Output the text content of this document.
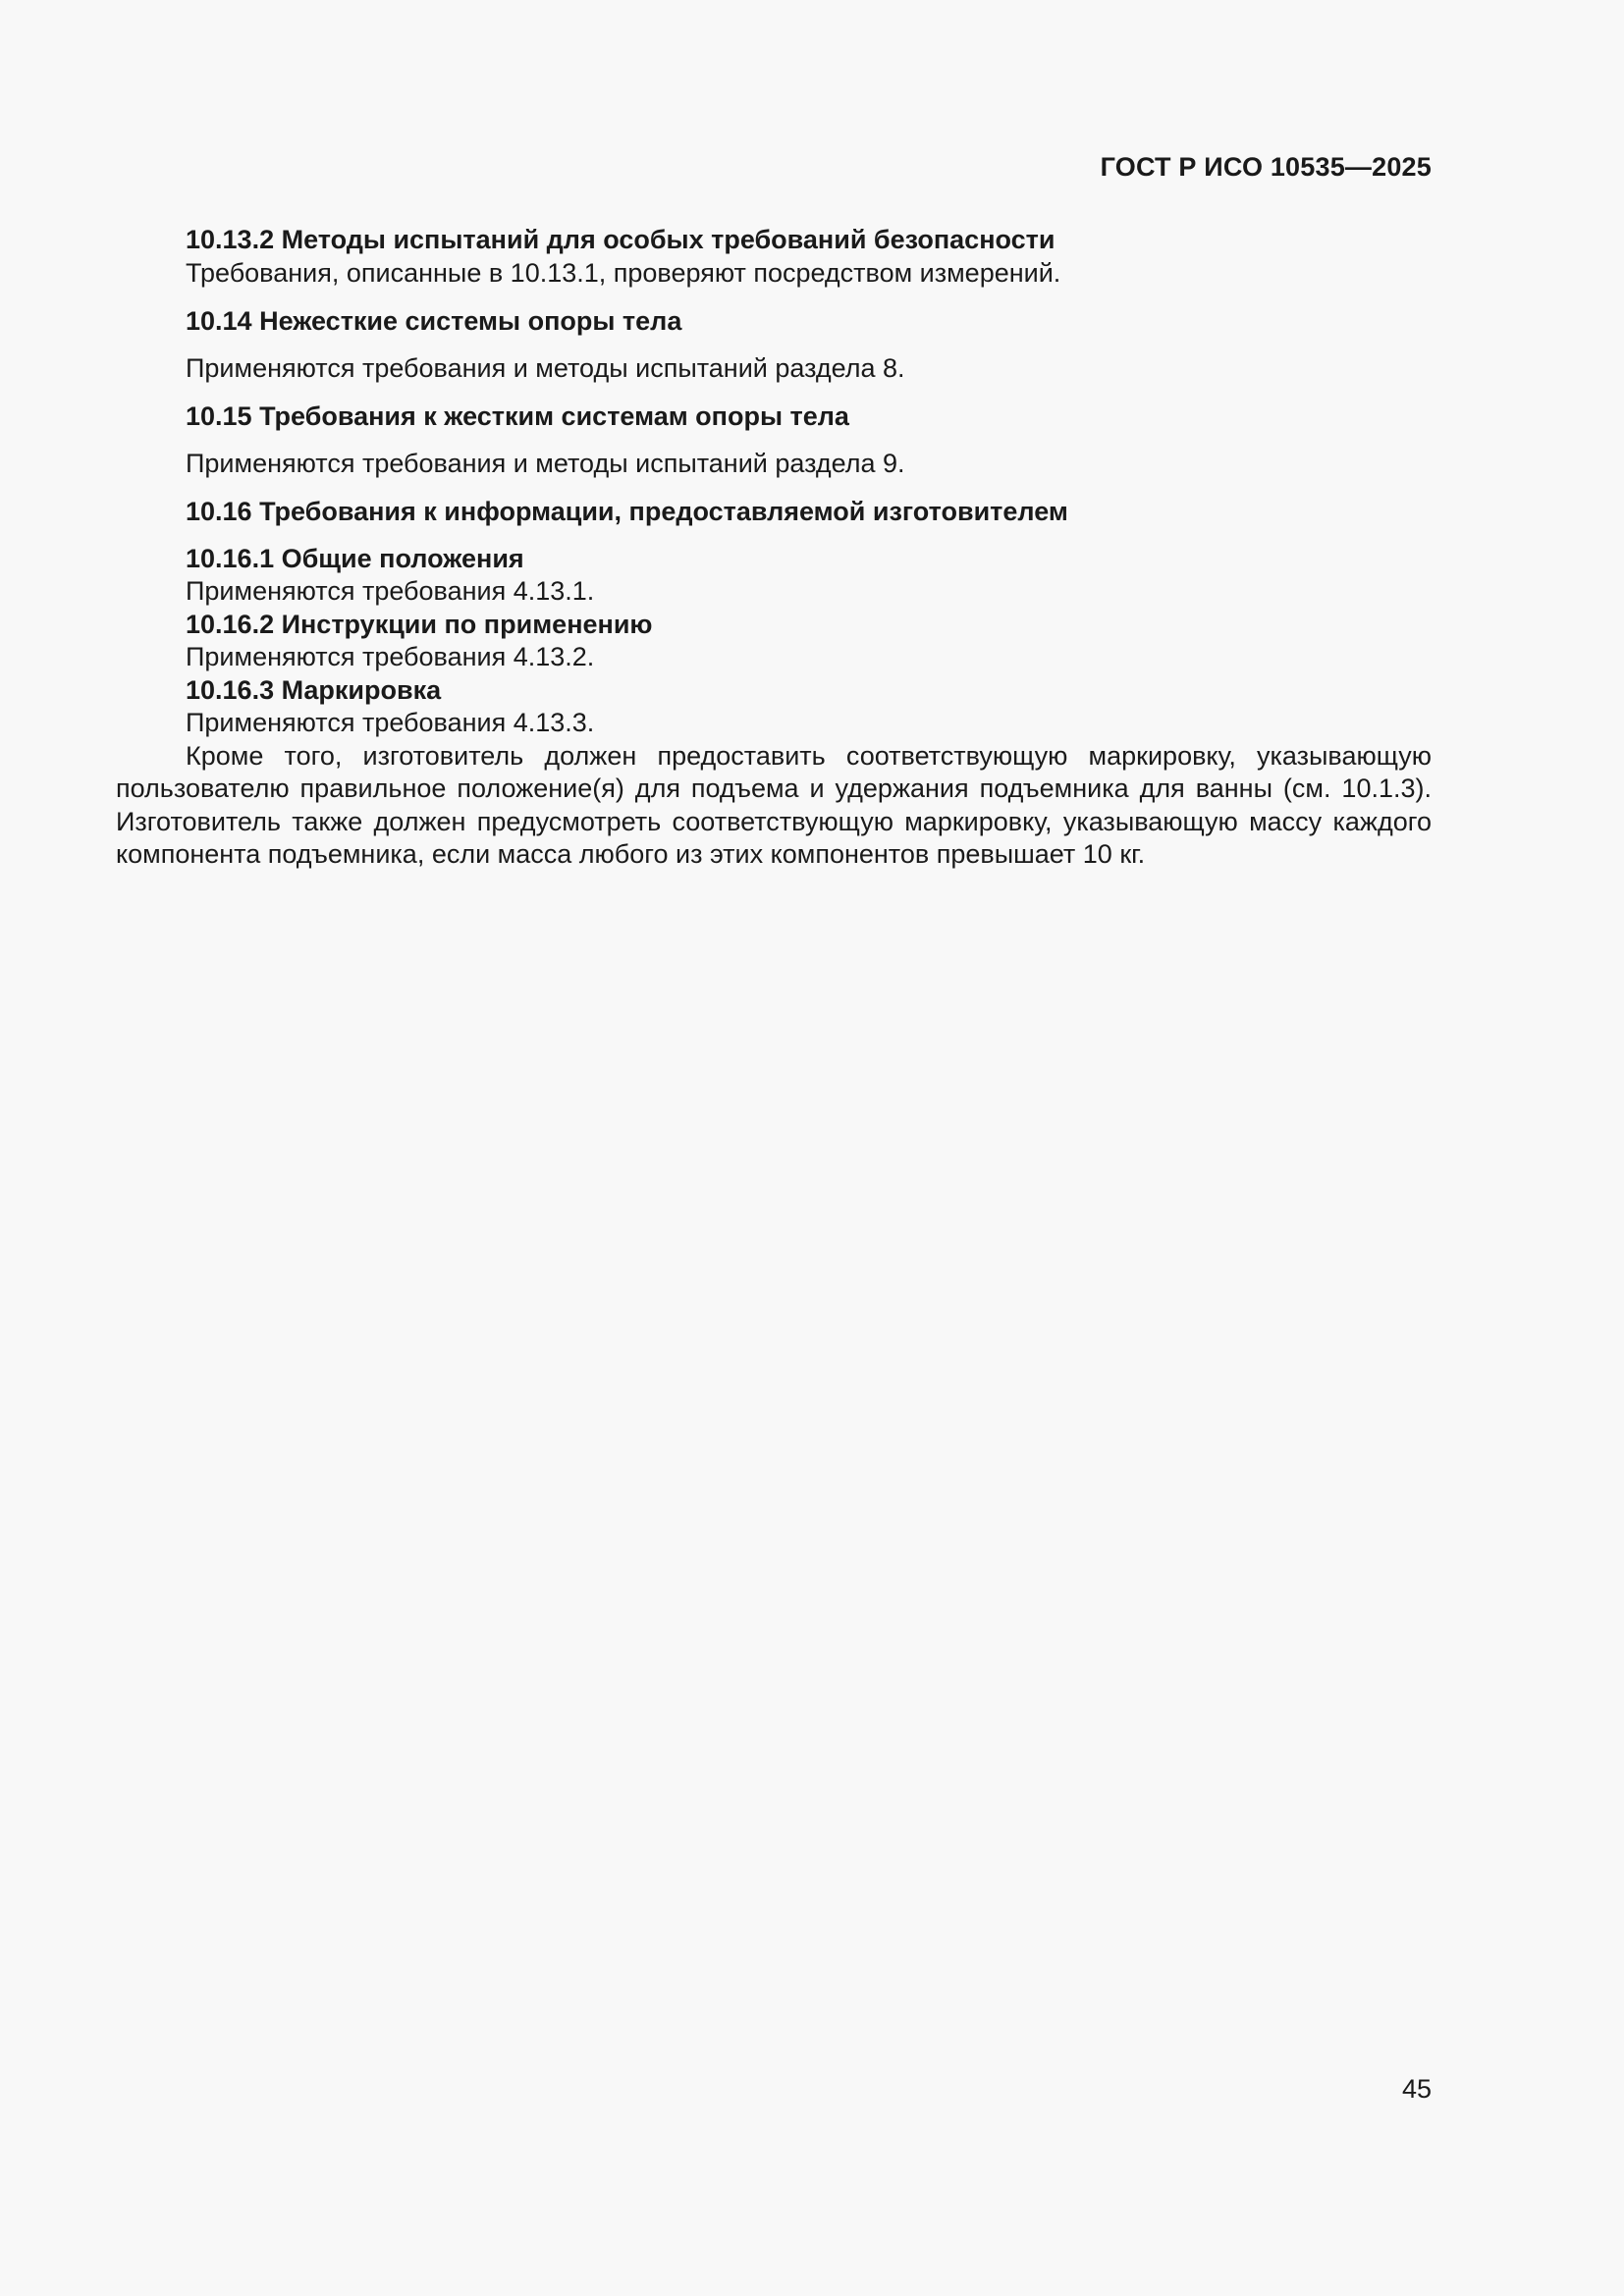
ГОСТ Р ИСО 10535—2025

10.13.2 Методы испытаний для особых требований безопасности

Требования, описанные в 10.13.1, проверяют посредством измерений.

10.14 Нежесткие системы опоры тела

Применяются требования и методы испытаний раздела 8.

10.15 Требования к жестким системам опоры тела

Применяются требования и методы испытаний раздела 9.

10.16 Требования к информации, предоставляемой изготовителем

10.16.1 Общие положения

Применяются требования 4.13.1.

10.16.2 Инструкции по применению

Применяются требования 4.13.2.

10.16.3 Маркировка

Применяются требования 4.13.3.

Кроме того, изготовитель должен предоставить соответствующую маркировку, указывающую пользователю правильное положение(я) для подъема и удержания подъемника для ванны (см. 10.1.3). Изготовитель также должен предусмотреть соответствующую маркировку, указывающую массу каждого компонента подъемника, если масса любого из этих компонентов превышает 10 кг.

45
